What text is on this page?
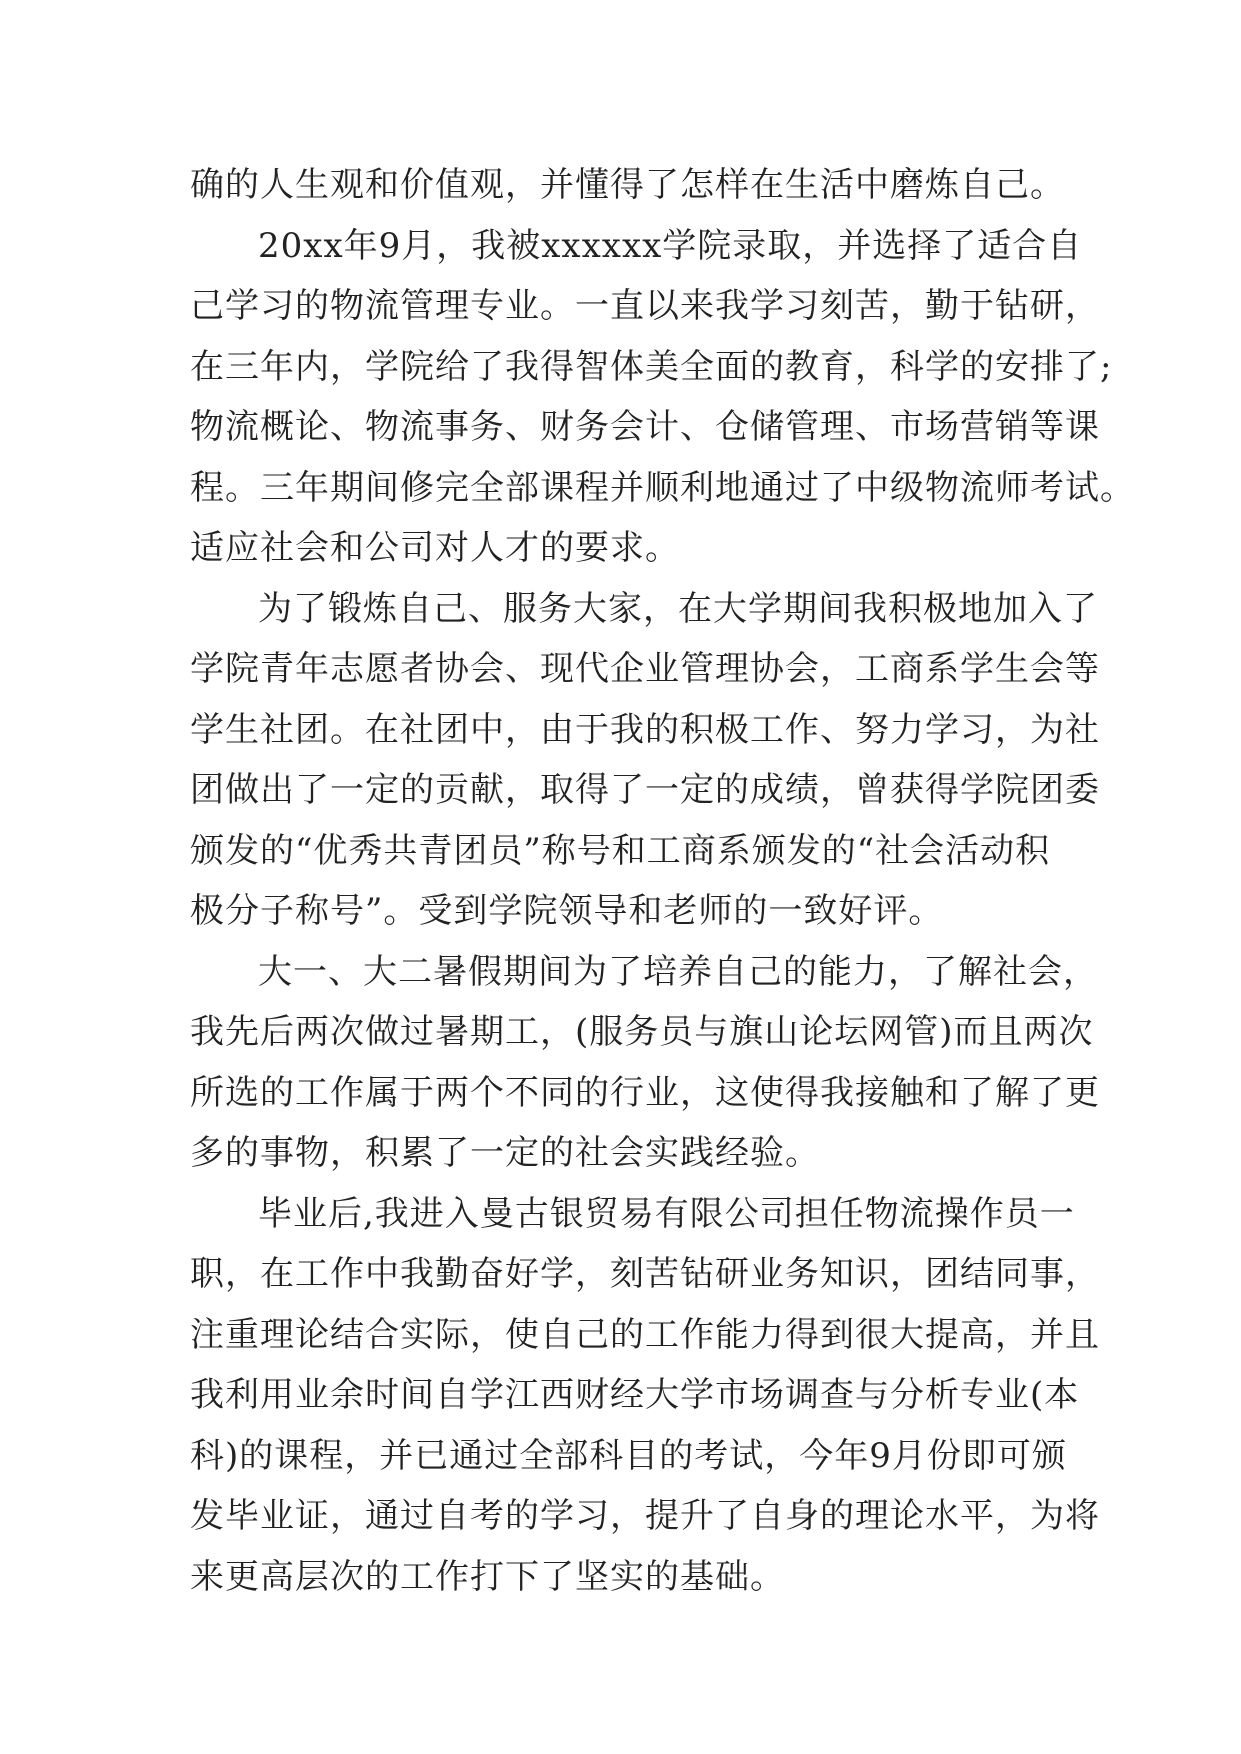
确的人生观和价值观，并懂得了怎样在生活中磨炼自己。
20xx年9月，我被xxxxxx学院录取，并选择了适合自
己学习的物流管理专业。一直以来我学习刻苦，勤于钻研，
在三年内，学院给了我得智体美全面的教育，科学的安排了;
物流概论、物流事务、财务会计、仓储管理、市场营销等课
程。三年期间修完全部课程并顺利地通过了中级物流师考试。
适应社会和公司对人才的要求。
为了锻炼自己、服务大家，在大学期间我积极地加入了
学院青年志愿者协会、现代企业管理协会，工商系学生会等
学生社团。在社团中，由于我的积极工作、努力学习，为社
团做出了一定的贡献，取得了一定的成绩，曾获得学院团委
颁发的“优秀共青团员”称号和工商系颁发的“社会活动积
极分子称号”。受到学院领导和老师的一致好评。
大一、大二暑假期间为了培养自己的能力，了解社会，
我先后两次做过暑期工，(服务员与旗山论坛网管)而且两次
所选的工作属于两个不同的行业，这使得我接触和了解了更
多的事物，积累了一定的社会实践经验。
毕业后,我进入曼古银贸易有限公司担任物流操作员一
职，在工作中我勤奋好学，刻苦钻研业务知识，团结同事，
注重理论结合实际，使自己的工作能力得到很大提高，并且
我利用业余时间自学江西财经大学市场调查与分析专业(本
科)的课程，并已通过全部科目的考试，今年9月份即可颁
发毕业证，通过自考的学习，提升了自身的理论水平，为将
来更高层次的工作打下了坚实的基础。
